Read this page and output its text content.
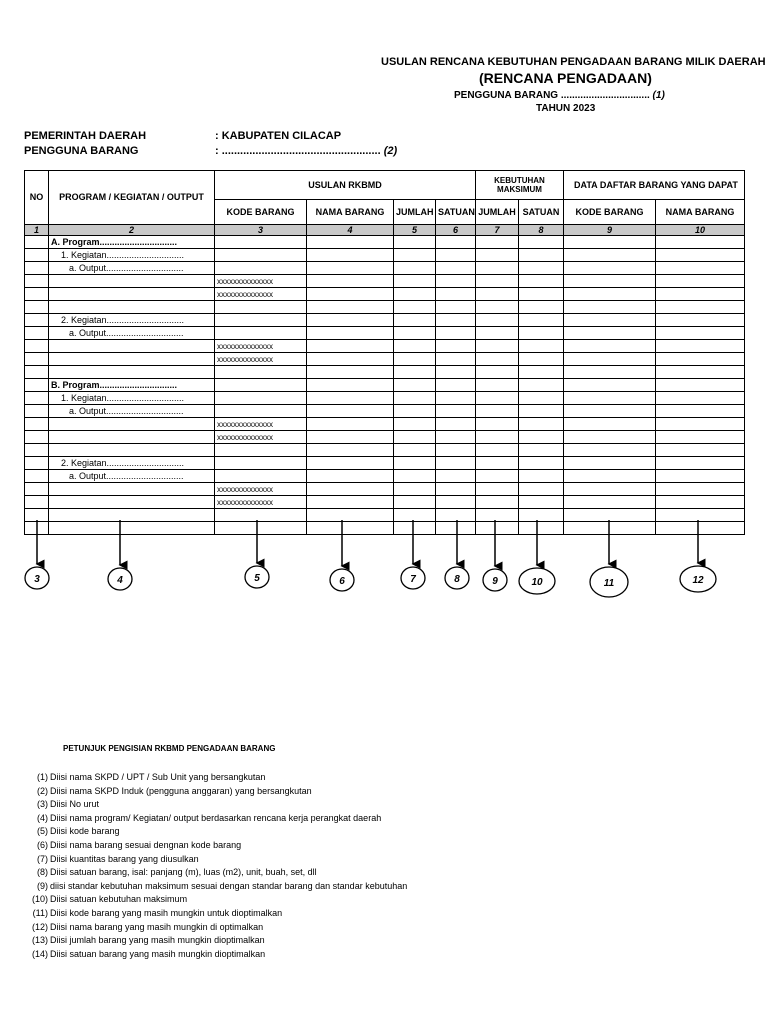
USULAN RENCANA KEBUTUHAN PENGADAAN BARANG MILIK DAERAH
(RENCANA PENGADAAN)
PENGGUNA BARANG ................................ (1)
TAHUN 2023
PEMERINTAH DAERAH	: KABUPATEN CILACAP
PENGGUNA BARANG	: .................................................... (2)
NO	PROGRAM / KEGIATAN / OUTPUT	USULAN RKBMD				KEBUTUHAN MAKSIMUM		DATA DAFTAR BARANG YANG DAPAT	
		KODE BARANG	NAMA BARANG	JUMLAH	SATUAN	JUMLAH	SATUAN	KODE BARANG	NAMA BARANG
1	2	3	4	5	6	7	8	9	10
	A. Program...............................								
	1. Kegiatan...............................								
	a. Output...............................								
		xxxxxxxxxxxxxx							
		xxxxxxxxxxxxxx							

	2. Kegiatan...............................								
	a. Output...............................								
		xxxxxxxxxxxxxx							
		xxxxxxxxxxxxxx							

	B. Program...............................								
	1. Kegiatan...............................								
	a. Output...............................								
		xxxxxxxxxxxxxx							
		xxxxxxxxxxxxxx							

	2. Kegiatan...............................								
	a. Output...............................								
		xxxxxxxxxxxxxx							
		xxxxxxxxxxxxxx							

3	4	5	6	7	8	9	10	11	12
PETUNJUK PENGISIAN RKBMD PENGADAAN BARANG
(1) Diisi nama SKPD / UPT / Sub Unit yang bersangkutan
(2) Diisi nama SKPD Induk (pengguna anggaran) yang bersangkutan
(3) Diisi No urut
(4) Diisi nama program/ Kegiatan/ output berdasarkan rencana kerja perangkat daerah
(5) Diisi kode barang
(6) Diisi nama barang sesuai dengnan kode barang
(7) Diisi kuantitas barang yang diusulkan
(8) Diisi satuan barang, isal: panjang (m), luas (m2), unit, buah, set, dll
(9) diisi standar kebutuhan maksimum sesuai dengan standar barang dan standar kebutuhan
(10) Diisi satuan kebutuhan maksimum
(11) Diisi kode barang yang masih mungkin untuk dioptimalkan
(12) Diisi nama barang yang masih mungkin di optimalkan
(13) Diisi jumlah barang yang masih mungkin dioptimalkan
(14) Diisi satuan barang yang masih mungkin dioptimalkan
